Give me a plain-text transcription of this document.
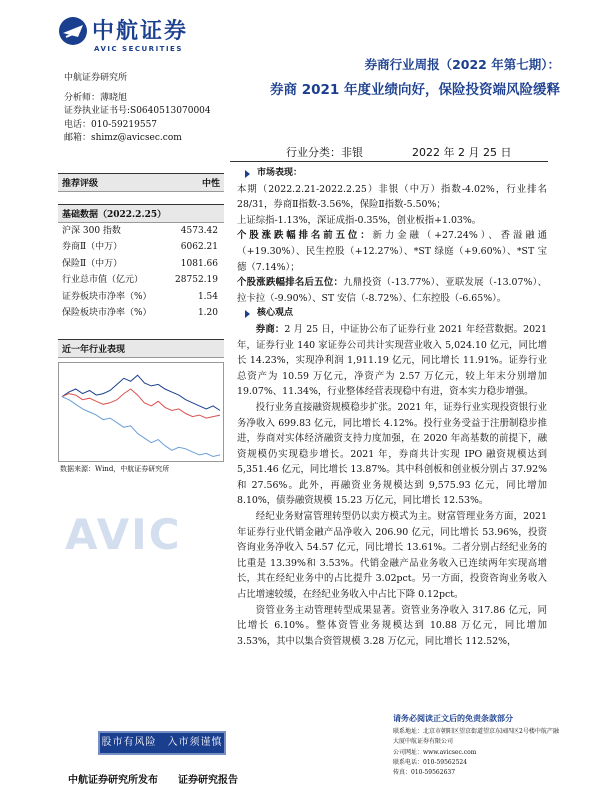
中航证券
AVIC SECURITIES
券商行业周报（2022 年第七期）：
券商 2021 年度业绩向好，保险投资端风险缓释
中航证券研究所
分析师：薄晓旭
证券执业证书号:S0640513070004
电话：010-59219557
邮箱：shimz@avicsec.com
行业分类：非银	2022 年 2 月 25 日
推荐评级	中性
基础数据（2022.2.25）
沪深 300 指数	4573.42
券商Ⅱ（中万）	6062.21
保险Ⅱ（中万）	1081.66
行业总市值（亿元）	28752.19
证券板块市净率（%）	1.54
保险板块市净率（%）	1.20
近一年行业表现
数据来源：Wind，中航证券研究所
AVIC
市场表现：

本期（2022.2.21-2022.2.25）非银（中万）指数-4.02%，行业排名28/31，券商Ⅱ指数-3.56%，保险Ⅱ指数-5.50%；

上证综指-1.13%，深证成指-0.35%，创业板指+1.03%。

个股涨跌幅排名前五位：新力金融（+27.24%）、香溢融通（+19.30%）、民生控股（+12.27%）、*ST 绿庭（+9.60%）、*ST 宝德（7.14%）；

个股涨跌幅排名后五位：九鼎投资（-13.77%）、亚联发展（-13.07%）、拉卡拉（-9.90%）、ST 安信（-8.72%）、仁东控股（-6.65%）。

核心观点

券商：2 月 25 日，中证协公布了证券行业 2021 年经营数据。2021 年，证券行业 140 家证券公司共计实现营业收入 5,024.10 亿元，同比增长 14.23%，实现净利润 1,911.19 亿元，同比增长 11.91%。证券行业总资产为 10.59 万亿元，净资产为 2.57 万亿元，较上年末分别增加 19.07%、11.34%，行业整体经营表现稳中有进，资本实力稳步增强。

投行业务直接融资规模稳步扩张。2021 年，证券行业实现投资银行业务净收入 699.83 亿元，同比增长 4.12%。投行业务受益于注册制稳步推进，券商对实体经济融资支持力度加强，在 2020 年高基数的前提下，融资规模仍实现稳步增长。2021 年，券商共计实现 IPO 融资规模达到 5,351.46 亿元，同比增长 13.87%。其中科创板和创业板分别占 37.92%和 27.56%。此外，再融资业务规模达到 9,575.93 亿元，同比增加 8.10%，债券融资规模 15.23 万亿元，同比增长 12.53%。

经纪业务财富管理转型仍以卖方模式为主。财富管理业务方面，2021 年证券行业代销金融产品净收入 206.90 亿元，同比增长 53.96%，投资咨询业务净收入 54.57 亿元，同比增长 13.61%。二者分别占经纪业务的比重是 13.39%和 3.53%。代销金融产品业务收入已连续两年实现高增长，其在经纪业务中的占比提升 3.02pct。另一方面，投资咨询业务收入占比增速较缓，在经纪业务收入中占比下降 0.12pct。

资管业务主动管理转型成果显著。资管业务净收入 317.86 亿元，同比增长 6.10%。整体资管业务规模达到 10.88 万亿元，同比增加 3.53%，其中以集合资管规模 3.28 万亿元，同比增长 112.52%，

股市有风险　入市须谨慎
中航证券研究所发布　　证券研究报告
请务必阅读正文后的免责条款部分
联系地址：北京市朝阳区望京街道望京东园四区2号楼中航产融
大厦中航证券有限公司
公司网址：www.avicsec.com
联系电话：010-59562524
传真：010-59562637
